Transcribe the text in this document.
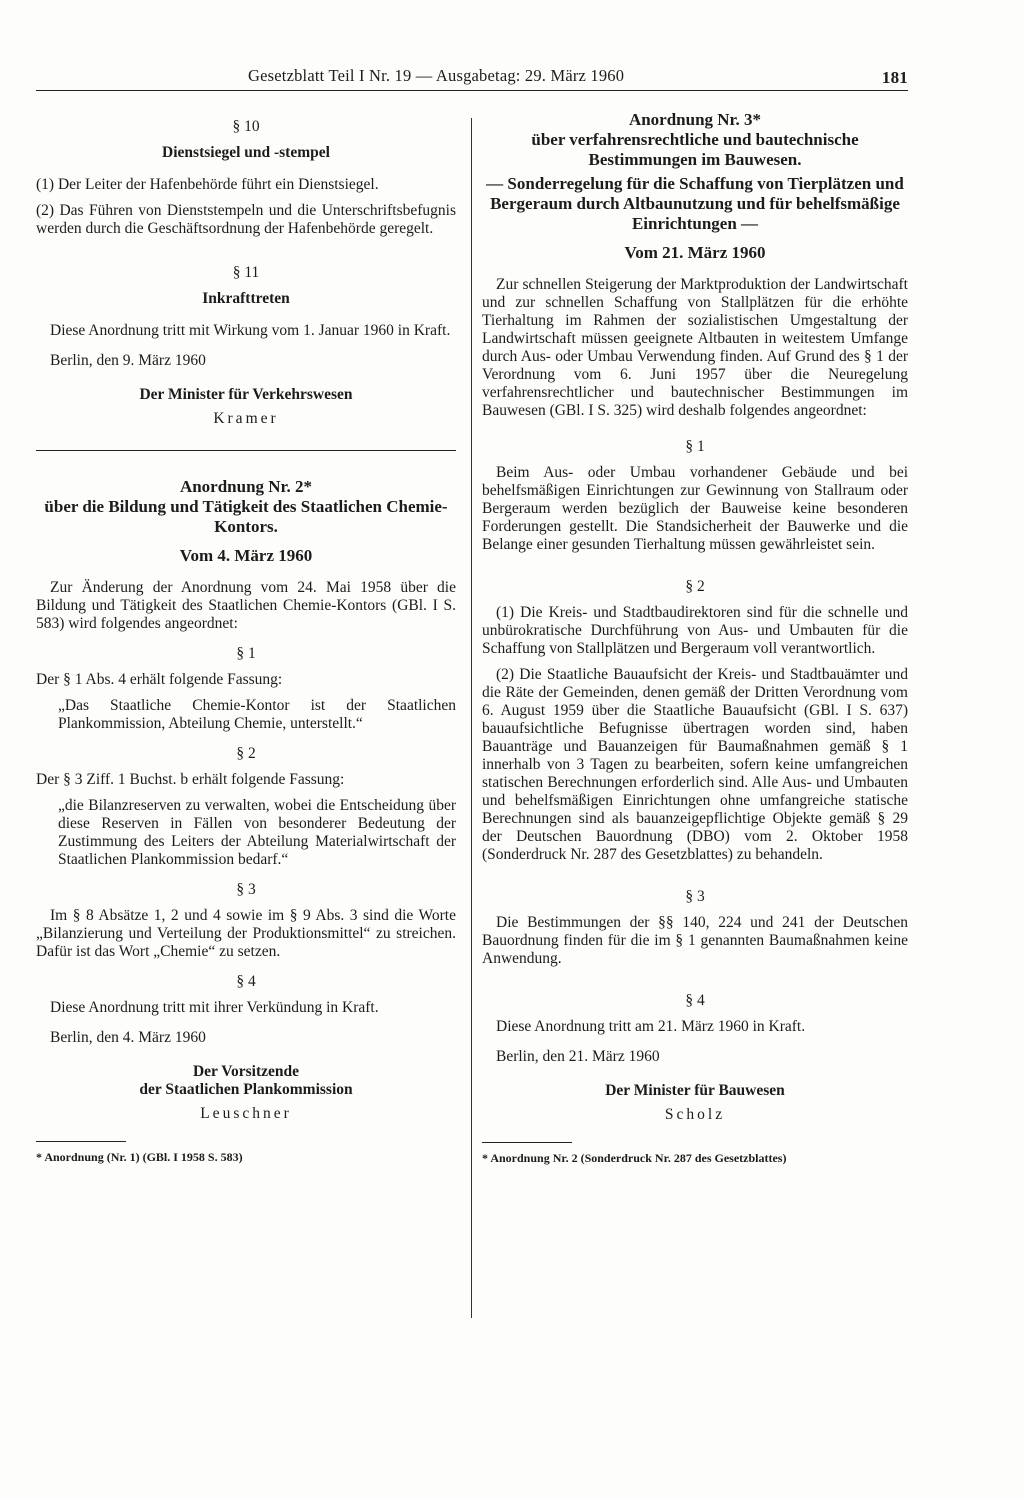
Gesetzblatt Teil I Nr. 19 — Ausgabetag: 29. März 1960	181
§ 10
Dienstsiegel und -stempel

(1) Der Leiter der Hafenbehörde führt ein Dienstsiegel.

(2) Das Führen von Dienststempeln und die Unterschriftsbefugnis werden durch die Geschäftsordnung der Hafenbehörde geregelt.

§ 11
Inkrafttreten

Diese Anordnung tritt mit Wirkung vom 1. Januar 1960 in Kraft.

Berlin, den 9. März 1960

Der Minister für Verkehrswesen
Kramer
Anordnung Nr. 2*
über die Bildung und Tätigkeit des Staatlichen Chemie-Kontors.
Vom 4. März 1960

Zur Änderung der Anordnung vom 24. Mai 1958 über die Bildung und Tätigkeit des Staatlichen Chemie-Kontors (GBl. I S. 583) wird folgendes angeordnet:

§ 1

Der § 1 Abs. 4 erhält folgende Fassung:

„Das Staatliche Chemie-Kontor ist der Staatlichen Plankommission, Abteilung Chemie, unterstellt.“

§ 2

Der § 3 Ziff. 1 Buchst. b erhält folgende Fassung:

„die Bilanzreserven zu verwalten, wobei die Entscheidung über diese Reserven in Fällen von besonderer Bedeutung der Zustimmung des Leiters der Abteilung Materialwirtschaft der Staatlichen Plankommission bedarf.“

§ 3

Im § 8 Absätze 1, 2 und 4 sowie im § 9 Abs. 3 sind die Worte „Bilanzierung und Verteilung der Produktionsmittel“ zu streichen. Dafür ist das Wort „Chemie“ zu setzen.

§ 4

Diese Anordnung tritt mit ihrer Verkündung in Kraft.

Berlin, den 4. März 1960

Der Vorsitzende
der Staatlichen Plankommission
Leuschner

* Anordnung (Nr. 1) (GBl. I 1958 S. 583)

Anordnung Nr. 3*
über verfahrensrechtliche und bautechnische Bestimmungen im Bauwesen.
— Sonderregelung für die Schaffung von Tierplätzen und Bergeraum durch Altbaunutzung und für behelfsmäßige Einrichtungen —
Vom 21. März 1960

Zur schnellen Steigerung der Marktproduktion der Landwirtschaft und zur schnellen Schaffung von Stallplätzen für die erhöhte Tierhaltung im Rahmen der sozialistischen Umgestaltung der Landwirtschaft müssen geeignete Altbauten in weitestem Umfange durch Aus- oder Umbau Verwendung finden. Auf Grund des § 1 der Verordnung vom 6. Juni 1957 über die Neuregelung verfahrensrechtlicher und bautechnischer Bestimmungen im Bauwesen (GBl. I S. 325) wird deshalb folgendes angeordnet:

§ 1

Beim Aus- oder Umbau vorhandener Gebäude und bei behelfsmäßigen Einrichtungen zur Gewinnung von Stallraum oder Bergeraum werden bezüglich der Bauweise keine besonderen Forderungen gestellt. Die Standsicherheit der Bauwerke und die Belange einer gesunden Tierhaltung müssen gewährleistet sein.

§ 2

(1) Die Kreis- und Stadtbaudirektoren sind für die schnelle und unbürokratische Durchführung von Aus- und Umbauten für die Schaffung von Stallplätzen und Bergeraum voll verantwortlich.

(2) Die Staatliche Bauaufsicht der Kreis- und Stadtbauämter und die Räte der Gemeinden, denen gemäß der Dritten Verordnung vom 6. August 1959 über die Staatliche Bauaufsicht (GBl. I S. 637) bauaufsichtliche Befugnisse übertragen worden sind, haben Bauanträge und Bauanzeigen für Baumaßnahmen gemäß § 1 innerhalb von 3 Tagen zu bearbeiten, sofern keine umfangreichen statischen Berechnungen erforderlich sind. Alle Aus- und Umbauten und behelfsmäßigen Einrichtungen ohne umfangreiche statische Berechnungen sind als bauanzeigepflichtige Objekte gemäß § 29 der Deutschen Bauordnung (DBO) vom 2. Oktober 1958 (Sonderdruck Nr. 287 des Gesetzblattes) zu behandeln.

§ 3

Die Bestimmungen der §§ 140, 224 und 241 der Deutschen Bauordnung finden für die im § 1 genannten Baumaßnahmen keine Anwendung.

§ 4

Diese Anordnung tritt am 21. März 1960 in Kraft.

Berlin, den 21. März 1960

Der Minister für Bauwesen
Scholz

* Anordnung Nr. 2 (Sonderdruck Nr. 287 des Gesetzblattes)
